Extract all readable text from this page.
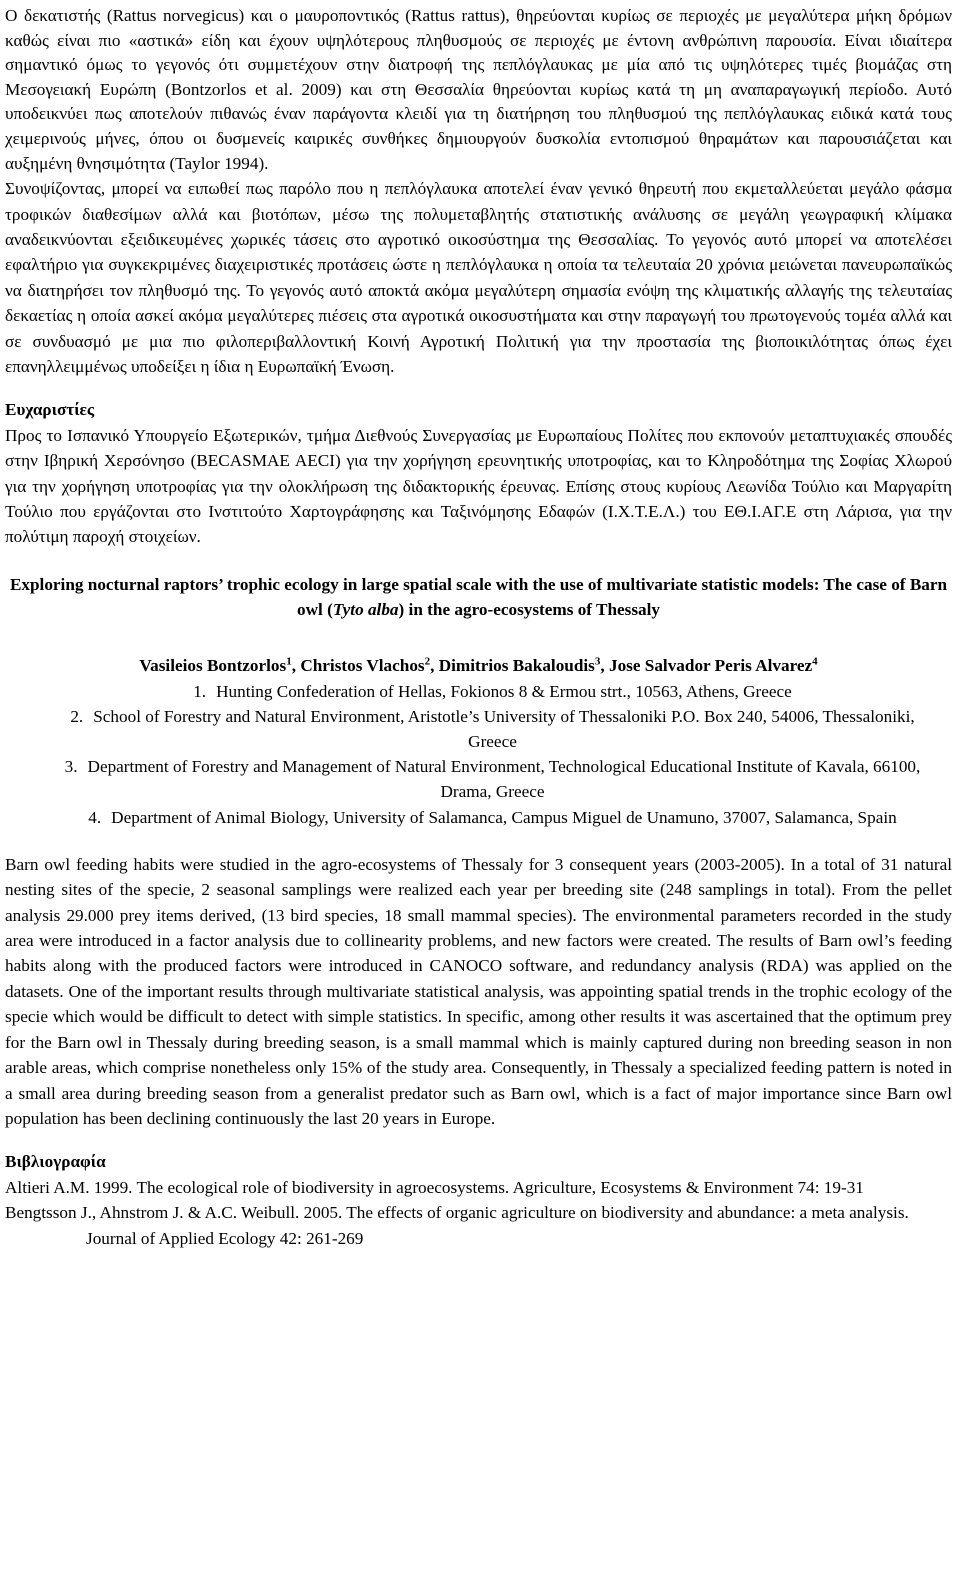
Ο δεκατιστής (Rattus norvegicus) και ο μαυροποντικός (Rattus rattus), θηρεύονται κυρίως σε περιοχές με μεγαλύτερα μήκη δρόμων καθώς είναι πιο «αστικά» είδη και έχουν υψηλότερους πληθυσμούς σε περιοχές με έντονη ανθρώπινη παρουσία. Είναι ιδιαίτερα σημαντικό όμως το γεγονός ότι συμμετέχουν στην διατροφή της πεπλόγλαυκας με μία από τις υψηλότερες τιμές βιομάζας στη Μεσογειακή Ευρώπη (Bontzorlos et al. 2009) και στη Θεσσαλία θηρεύονται κυρίως κατά τη μη αναπαραγωγική περίοδο. Αυτό υποδεικνύει πως αποτελούν πιθανώς έναν παράγοντα κλειδί για τη διατήρηση του πληθυσμού της πεπλόγλαυκας ειδικά κατά τους χειμερινούς μήνες, όπου οι δυσμενείς καιρικές συνθήκες δημιουργούν δυσκολία εντοπισμού θηραμάτων και παρουσιάζεται και αυξημένη θνησιμότητα (Taylor 1994).

Συνοψίζοντας, μπορεί να ειπωθεί πως παρόλο που η πεπλόγλαυκα αποτελεί έναν γενικό θηρευτή που εκμεταλλεύεται μεγάλο φάσμα τροφικών διαθεσίμων αλλά και βιοτόπων, μέσω της πολυμεταβλητής στατιστικής ανάλυσης σε μεγάλη γεωγραφική κλίμακα αναδεικνύονται εξειδικευμένες χωρικές τάσεις στο αγροτικό οικοσύστημα της Θεσσαλίας. Το γεγονός αυτό μπορεί να αποτελέσει εφαλτήριο για συγκεκριμένες διαχειριστικές προτάσεις ώστε η πεπλόγλαυκα η οποία τα τελευταία 20 χρόνια μειώνεται πανευρωπαϊκώς να διατηρήσει τον πληθυσμό της. Το γεγονός αυτό αποκτά ακόμα μεγαλύτερη σημασία ενόψη της κλιματικής αλλαγής της τελευταίας δεκαετίας η οποία ασκεί ακόμα μεγαλύτερες πιέσεις στα αγροτικά οικοσυστήματα και στην παραγωγή του πρωτογενούς τομέα αλλά και σε συνδυασμό με μια πιο φιλοπεριβαλλοντική Κοινή Αγροτική Πολιτική για την προστασία της βιοποικιλότητας όπως έχει επανηλλειμμένως υποδείξει η ίδια η Ευρωπαϊκή Ένωση.

Ευχαριστίες

Προς το Ισπανικό Υπουργείο Εξωτερικών, τμήμα Διεθνούς Συνεργασίας με Ευρωπαίους Πολίτες που εκπονούν μεταπτυχιακές σπουδές στην Ιβηρική Χερσόνησο (BECASMAE AECI) για την χορήγηση ερευνητικής υποτροφίας, και το Κληροδότημα της Σοφίας Χλωρού για την χορήγηση υποτροφίας για την ολοκλήρωση της διδακτορικής έρευνας. Επίσης στους κυρίους Λεωνίδα Τούλιο και Μαργαρίτη Τούλιο που εργάζονται στο Ινστιτούτο Χαρτογράφησης και Ταξινόμησης Εδαφών (Ι.Χ.Τ.Ε.Λ.) του ΕΘ.Ι.ΑΓ.Ε στη Λάρισα, για την πολύτιμη παροχή στοιχείων.

Exploring nocturnal raptors’ trophic ecology in large spatial scale with the use of multivariate statistic models: The case of Barn owl (Tyto alba) in the agro-ecosystems of Thessaly
Vasileios Bontzorlos$^1$, Christos Vlachos$^2$, Dimitrios Bakaloudis$^3$, Jose Salvador Peris Alvarez$^4$
1. Hunting Confederation of Hellas, Fokionos 8 & Ermou strt., 10563, Athens, Greece
2. School of Forestry and Natural Environment, Aristotle’s University of Thessaloniki P.O. Box 240, 54006, Thessaloniki, Greece
3. Department of Forestry and Management of Natural Environment, Technological Educational Institute of Kavala, 66100, Drama, Greece
4. Department of Animal Biology, University of Salamanca, Campus Miguel de Unamuno, 37007, Salamanca, Spain

Barn owl feeding habits were studied in the agro-ecosystems of Thessaly for 3 consequent years (2003-2005). In a total of 31 natural nesting sites of the specie, 2 seasonal samplings were realized each year per breeding site (248 samplings in total). From the pellet analysis 29.000 prey items derived, (13 bird species, 18 small mammal species). The environmental parameters recorded in the study area were introduced in a factor analysis due to collinearity problems, and new factors were created. The results of Barn owl’s feeding habits along with the produced factors were introduced in CANOCO software, and redundancy analysis (RDA) was applied on the datasets. One of the important results through multivariate statistical analysis, was appointing spatial trends in the trophic ecology of the specie which would be difficult to detect with simple statistics. In specific, among other results it was ascertained that the optimum prey for the Barn owl in Thessaly during breeding season, is a small mammal which is mainly captured during non breeding season in non arable areas, which comprise nonetheless only 15% of the study area. Consequently, in Thessaly a specialized feeding pattern is noted in a small area during breeding season from a generalist predator such as Barn owl, which is a fact of major importance since Barn owl population has been declining continuously the last 20 years in Europe.

Βιβλιογραφία

Altieri A.M. 1999. The ecological role of biodiversity in agroecosystems. Agriculture, Ecosystems & Environment 74: 19-31

Bengtsson J., Ahnstrom J. & A.C. Weibull. 2005. The effects of organic agriculture on biodiversity and abundance: a meta analysis. Journal of Applied Ecology 42: 261-269
